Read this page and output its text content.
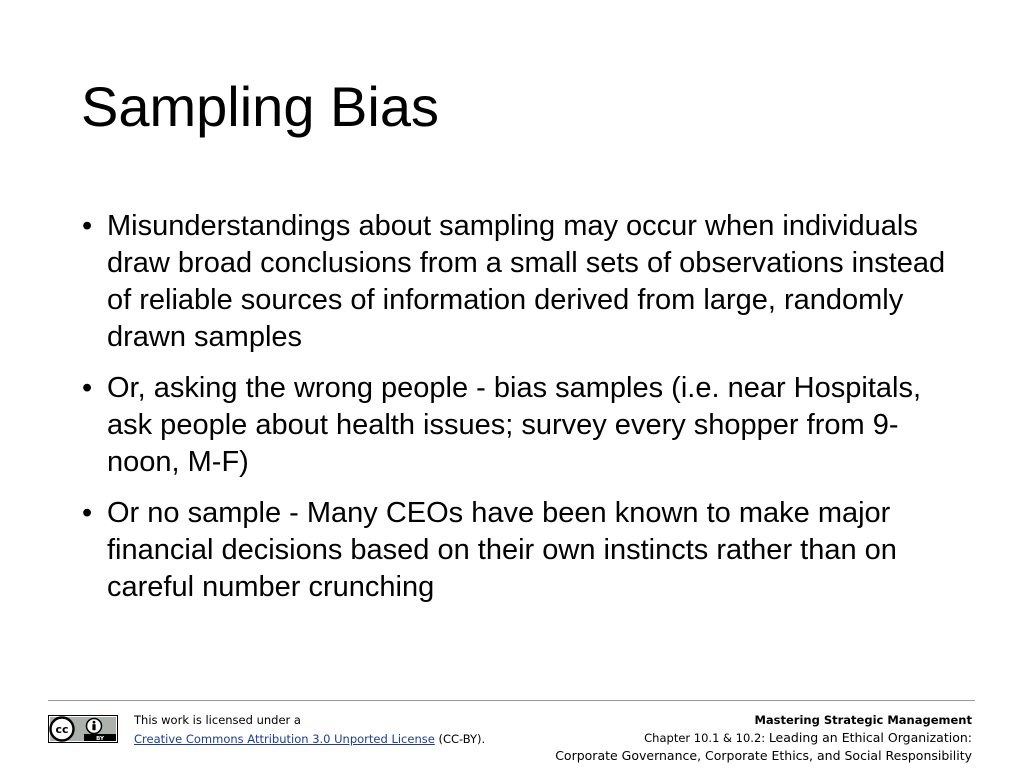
Sampling Bias
• Misunderstandings about sampling may occur when individuals draw broad conclusions from a small sets of observations instead of reliable sources of information derived from large, randomly drawn samples
• Or, asking the wrong people - bias samples (i.e. near Hospitals, ask people about health issues; survey every shopper from 9-noon, M-F)
• Or no sample - Many CEOs have been known to make major financial decisions based on their own instincts rather than on careful number crunching
cc
BY
This work is licensed under a
Creative Commons Attribution 3.0 Unported License (CC-BY).
Mastering Strategic Management
Chapter 10.1 & 10.2: Leading an Ethical Organization:
Corporate Governance, Corporate Ethics, and Social Responsibility
